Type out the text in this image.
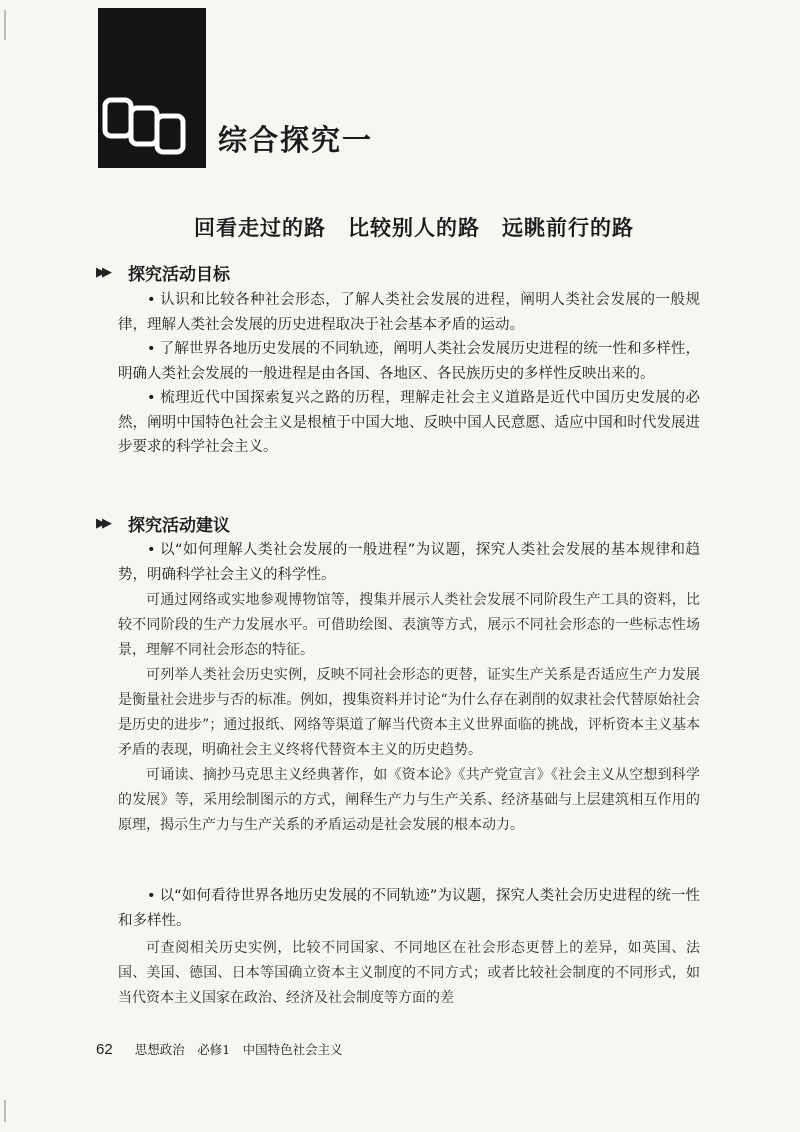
综合探究一
回看走过的路　比较别人的路　远眺前行的路
▶▶ 探究活动目标

• 认识和比较各种社会形态，了解人类社会发展的进程，阐明人类社会发展的一般规律，理解人类社会发展的历史进程取决于社会基本矛盾的运动。

• 了解世界各地历史发展的不同轨迹，阐明人类社会发展历史进程的统一性和多样性，明确人类社会发展的一般进程是由各国、各地区、各民族历史的多样性反映出来的。

• 梳理近代中国探索复兴之路的历程，理解走社会主义道路是近代中国历史发展的必然，阐明中国特色社会主义是根植于中国大地、反映中国人民意愿、适应中国和时代发展进步要求的科学社会主义。

▶▶ 探究活动建议

• 以“如何理解人类社会发展的一般进程”为议题，探究人类社会发展的基本规律和趋势，明确科学社会主义的科学性。

可通过网络或实地参观博物馆等，搜集并展示人类社会发展不同阶段生产工具的资料，比较不同阶段的生产力发展水平。可借助绘图、表演等方式，展示不同社会形态的一些标志性场景，理解不同社会形态的特征。

可列举人类社会历史实例，反映不同社会形态的更替，证实生产关系是否适应生产力发展是衡量社会进步与否的标准。例如，搜集资料并讨论“为什么存在剥削的奴隶社会代替原始社会是历史的进步”；通过报纸、网络等渠道了解当代资本主义世界面临的挑战，评析资本主义基本矛盾的表现，明确社会主义终将代替资本主义的历史趋势。

可诵读、摘抄马克思主义经典著作，如《资本论》《共产党宣言》《社会主义从空想到科学的发展》等，采用绘制图示的方式，阐释生产力与生产关系、经济基础与上层建筑相互作用的原理，揭示生产力与生产关系的矛盾运动是社会发展的根本动力。

• 以“如何看待世界各地历史发展的不同轨迹”为议题，探究人类社会历史进程的统一性和多样性。

可查阅相关历史实例，比较不同国家、不同地区在社会形态更替上的差异，如英国、法国、美国、德国、日本等国确立资本主义制度的不同方式；或者比较社会制度的不同形式，如当代资本主义国家在政治、经济及社会制度等方面的差

62 思想政治　必修1　中国特色社会主义
